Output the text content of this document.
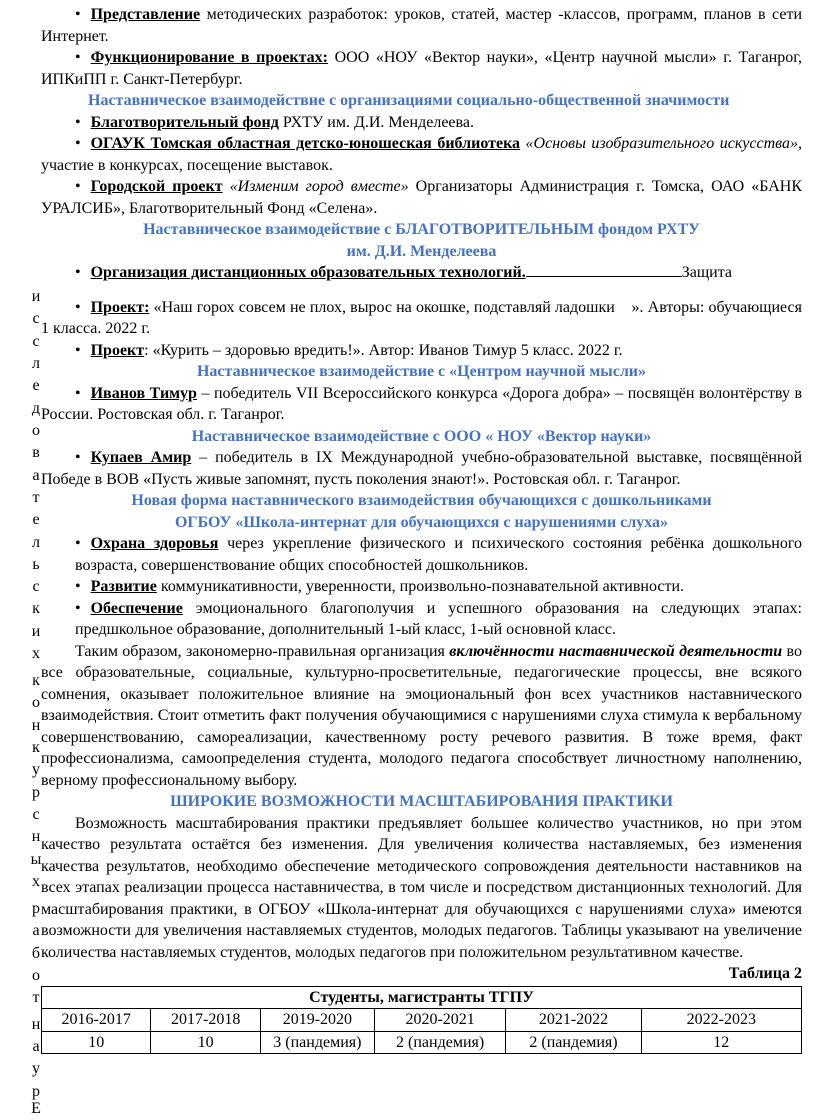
и
с
с
л
е
д
о
в
а
т
е
л
ь
с
к
и
х
к
о
н
к
у
р
с
н
ы
х
р
а
б
о
т
н
а
у
р
Е

• Представление методических разработок: уроков, статей, мастер -классов, программ, планов в сети Интернет.

• Функционирование в проектах: ООО «НОУ «Вектор науки», «Центр научной мысли» г. Таганрог, ИПКиПП г. Санкт-Петербург.

Наставническое взаимодействие с организациями социально-общественной значимости

• Благотворительный фонд РХТУ им. Д.И. Менделеева.

• ОГАУК Томская областная детско-юношеская библиотека «Основы изобразительного искусства», участие в конкурсах, посещение выставок.

• Городской проект «Изменим город вместе» Организаторы Администрация г. Томска, ОАО «БАНК УРАЛСИБ», Благотворительный Фонд «Селена».

Наставническое взаимодействие с БЛАГОТВОРИТЕЛЬНЫМ фондом РХТУ

им. Д.И. Менделеева

• Организация дистанционных образовательных технологий.	Защита

• Проект: «Наш горох совсем не плох, вырос на окошке, подставляй ладошки    ». Авторы: обучающиеся 1 класса. 2022 г.

• Проект: «Курить – здоровью вредить!». Автор: Иванов Тимур 5 класс. 2022 г.

Наставническое взаимодействие с «Центром научной мысли»

• Иванов Тимур – победитель VII Всероссийского конкурса «Дорога добра» – посвящён волонтёрству в России. Ростовская обл. г. Таганрог.

Наставническое взаимодействие с ООО « НОУ «Вектор науки»

• Купаев Амир – победитель в IX Международной учебно-образовательной выставке, посвящённой Победе в ВОВ «Пусть живые запомнят, пусть поколения знают!». Ростовская обл. г. Таганрог.

Новая форма наставнического взаимодействия обучающихся с дошкольниками

ОГБОУ «Школа-интернат для обучающихся с нарушениями слуха»

• Охрана здоровья через укрепление физического и психического состояния ребёнка дошкольного возраста, совершенствование общих способностей дошкольников.

• Развитие коммуникативности, уверенности, произвольно-познавательной активности.

• Обеспечение эмоционального благополучия и успешного образования на следующих этапах: предшкольное образование, дополнительный 1-ый класс, 1-ый основной класс.

Таким образом, закономерно-правильная организация включённости наставнической деятельности во все образовательные, социальные, культурно-просветительные, педагогические процессы, вне всякого сомнения, оказывает положительное влияние на эмоциональный фон всех участников наставнического взаимодействия. Стоит отметить факт получения обучающимися с нарушениями слуха стимула к вербальному совершенствованию, самореализации, качественному росту речевого развития. В тоже время, факт профессионализма, самоопределения студента, молодого педагога способствует личностному наполнению, верному профессиональному выбору.

ШИРОКИЕ ВОЗМОЖНОСТИ МАСШТАБИРОВАНИЯ ПРАКТИКИ

Возможность масштабирования практики предъявляет большее количество участников, но при этом качество результата остаётся без изменения. Для увеличения количества наставляемых, без изменения качества результатов, необходимо обеспечение методического сопровождения деятельности наставников на всех этапах реализации процесса наставничества, в том числе и посредством дистанционных технологий. Для масштабирования практики, в ОГБОУ «Школа-интернат для обучающихся с нарушениями слуха» имеются возможности для увеличения наставляемых студентов, молодых педагогов. Таблицы указывают на увеличение количества наставляемых студентов, молодых педагогов при положительном результативном качестве.

Таблица 2

Студенты, магистранты ТГПУ					
2016-2017	2017-2018	2019-2020	2020-2021	2021-2022	2022-2023
10	10	3 (пандемия)	2 (пандемия)	2 (пандемия)	12
